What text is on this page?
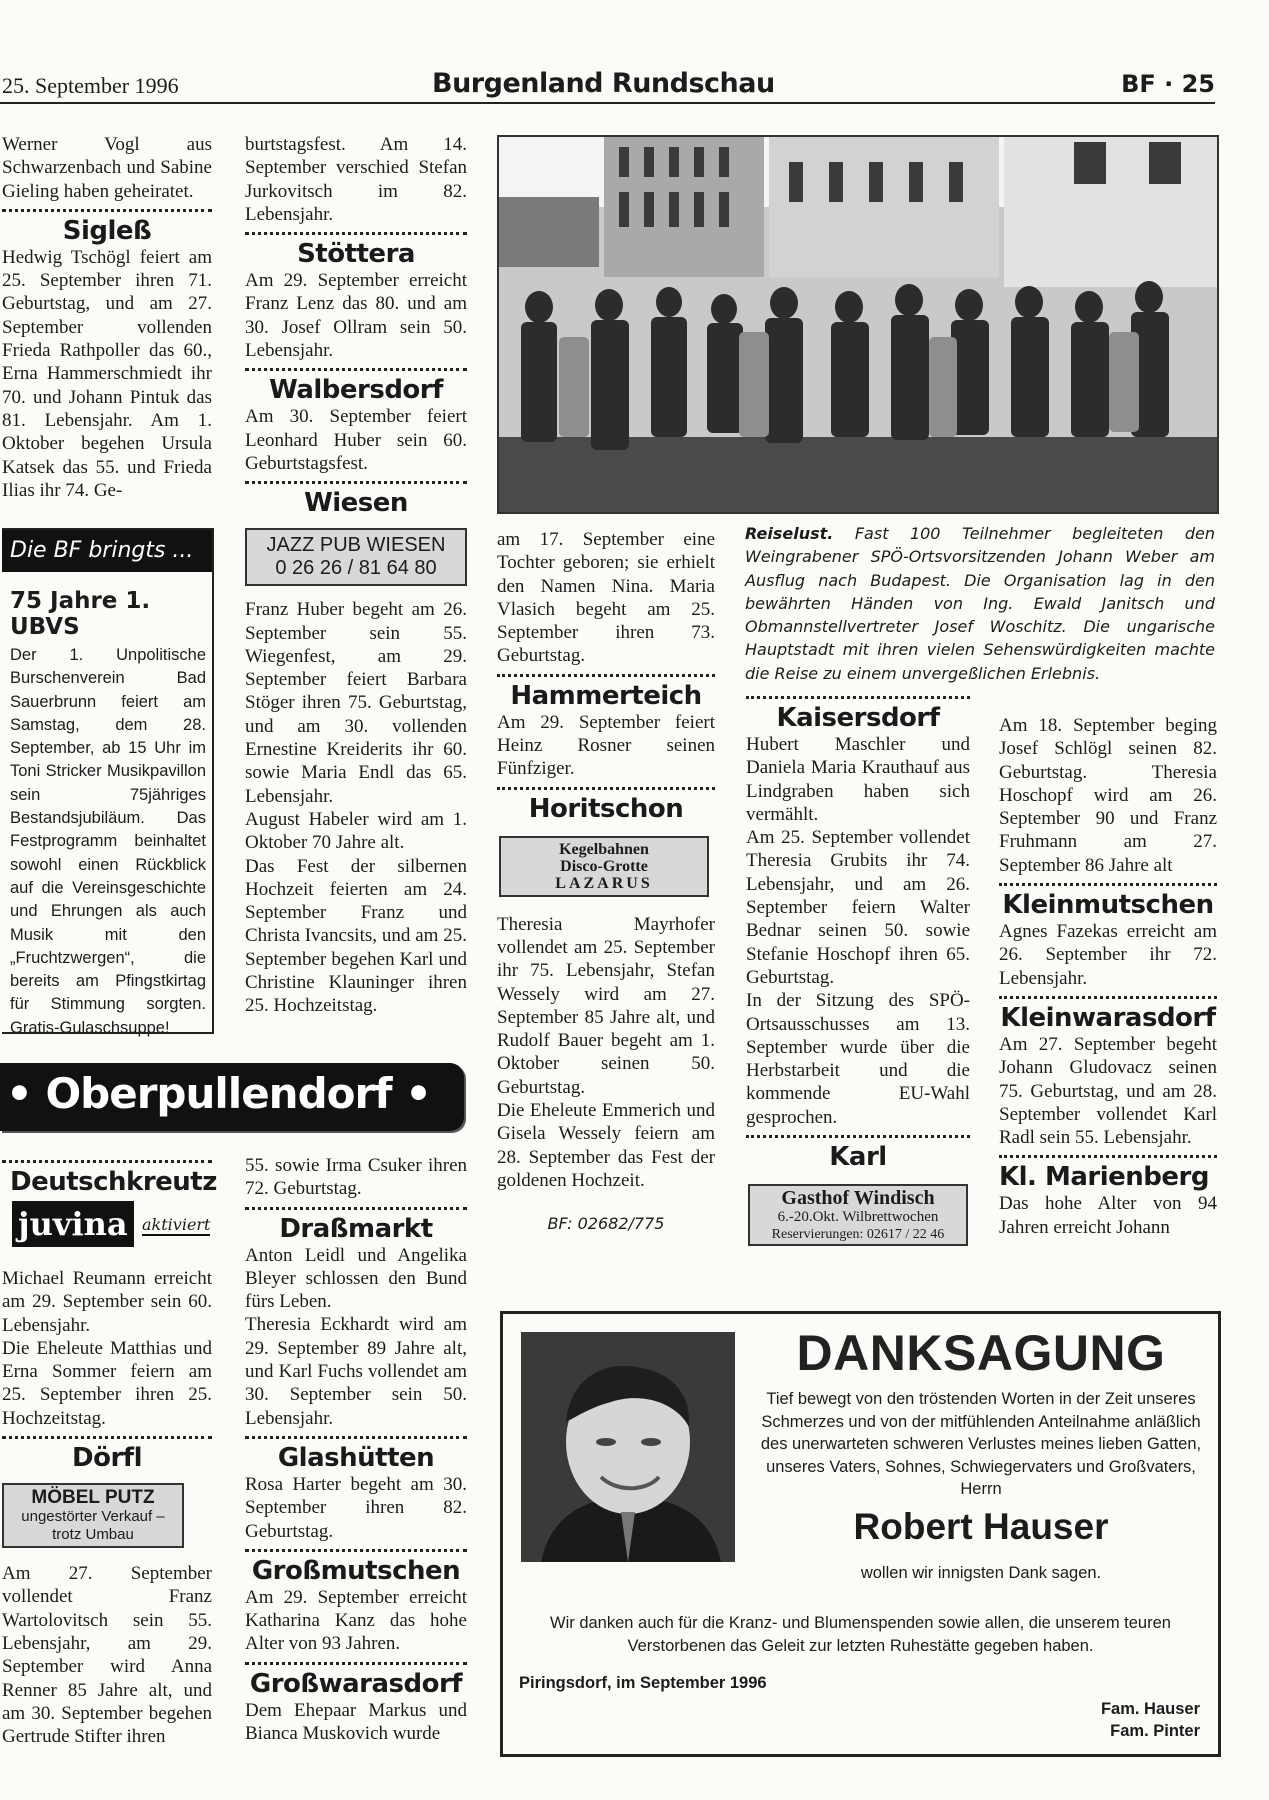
25. September 1996	Burgenland Rundschau	BF · 25

Werner Vogl aus Schwarzenbach und Sabine Gieling haben geheiratet.

Sigleß

Hedwig Tschögl feiert am 25. September ihren 71. Geburtstag, und am 27. September vollenden Frieda Rathpoller das 60., Erna Hammerschmiedt ihr 70. und Johann Pintuk das 81. Lebensjahr. Am 1. Oktober begehen Ursula Katsek das 55. und Frieda Ilias ihr 74. Ge-

Die BF bringts ...
75 Jahre 1. UBVS

Der 1. Unpolitische Burschenverein Bad Sauerbrunn feiert am Samstag, dem 28. September, ab 15 Uhr im Toni Stricker Musikpavillon sein 75jähriges Bestandsjubiläum. Das Festprogramm beinhaltet sowohl einen Rückblick auf die Vereinsgeschichte und Ehrungen als auch Musik mit den „Fruchtzwergen“, die bereits am Pfingstkirtag für Stimmung sorgten. Gratis-Gulaschsuppe!

burtstagsfest. Am 14. September verschied Stefan Jurkovitsch im 82. Lebensjahr.

Stöttera

Am 29. September erreicht Franz Lenz das 80. und am 30. Josef Ollram sein 50. Lebensjahr.

Walbersdorf

Am 30. September feiert Leonhard Huber sein 60. Geburtstagsfest.

Wiesen
JAZZ PUB WIESEN
0 26 26 / 81 64 80

Franz Huber begeht am 26. September sein 55. Wiegenfest, am 29. September feiert Barbara Stöger ihren 75. Geburtstag, und am 30. vollenden Ernestine Kreiderits ihr 60. sowie Maria Endl das 65. Lebensjahr.

August Habeler wird am 1. Oktober 70 Jahre alt.

Das Fest der silbernen Hochzeit feierten am 24. September Franz und Christa Ivancsits, und am 25. September begehen Karl und Christine Klauninger ihren 25. Hochzeitstag.

Reiselust. Fast 100 Teilnehmer begleiteten den Weingrabener SPÖ-Ortsvorsitzenden Johann Weber am Ausflug nach Budapest. Die Organisation lag in den bewährten Händen von Ing. Ewald Janitsch und Obmannstellvertreter Josef Woschitz. Die ungarische Hauptstadt mit ihren vielen Sehenswürdigkeiten machte die Reise zu einem unvergeßlichen Erlebnis.

am 17. September eine Tochter geboren; sie erhielt den Namen Nina. Maria Vlasich begeht am 25. September ihren 73. Geburtstag.

Hammerteich

Am 29. September feiert Heinz Rosner seinen Fünfziger.

Horitschon
Kegelbahnen
Disco-Grotte
LAZARUS

Theresia Mayrhofer vollendet am 25. September ihr 75. Lebensjahr, Stefan Wessely wird am 27. September 85 Jahre alt, und Rudolf Bauer begeht am 1. Oktober seinen 50. Geburtstag.

Die Eheleute Emmerich und Gisela Wessely feiern am 28. September das Fest der goldenen Hochzeit.

BF: 02682/775
Kaisersdorf

Hubert Maschler und Daniela Maria Krauthauf aus Lindgraben haben sich vermählt.

Am 25. September vollendet Theresia Grubits ihr 74. Lebensjahr, und am 26. September feiern Walter Bednar seinen 50. sowie Stefanie Hoschopf ihren 65. Geburtstag.

In der Sitzung des SPÖ-Ortsausschusses am 13. September wurde über die Herbstarbeit und die kommende EU-Wahl gesprochen.

Karl
Gasthof Windisch
6.-20.Okt. Wilbrettwochen
Reservierungen: 02617 / 22 46

Am 18. September beging Josef Schlögl seinen 82. Geburtstag. Theresia Hoschopf wird am 26. September 90 und Franz Fruhmann am 27. September 86 Jahre alt

Kleinmutschen

Agnes Fazekas erreicht am 26. September ihr 72. Lebensjahr.

Kleinwarasdorf

Am 27. September begeht Johann Gludovacz seinen 75. Geburtstag, und am 28. September vollendet Karl Radl sein 55. Lebensjahr.

Kl. Marienberg

Das hohe Alter von 94 Jahren erreicht Johann

• Oberpullendorf •
Deutschkreutz
juvina aktiviert

Michael Reumann erreicht am 29. September sein 60. Lebensjahr.

Die Eheleute Matthias und Erna Sommer feiern am 25. September ihren 25. Hochzeitstag.

Dörfl
MÖBEL PUTZ
ungestörter Verkauf –
trotz Umbau

Am 27. September vollendet Franz Wartolovitsch sein 55. Lebensjahr, am 29. September wird Anna Renner 85 Jahre alt, und am 30. September begehen Gertrude Stifter ihren

55. sowie Irma Csuker ihren 72. Geburtstag.

Draßmarkt

Anton Leidl und Angelika Bleyer schlossen den Bund fürs Leben.

Theresia Eckhardt wird am 29. September 89 Jahre alt, und Karl Fuchs vollendet am 30. September sein 50. Lebensjahr.

Glashütten

Rosa Harter begeht am 30. September ihren 82. Geburtstag.

Großmutschen

Am 29. September erreicht Katharina Kanz das hohe Alter von 93 Jahren.

Großwarasdorf

Dem Ehepaar Markus und Bianca Muskovich wurde

DANKSAGUNG
Tief bewegt von den tröstenden Worten in der Zeit unseres Schmerzes und von der mitfühlenden Anteilnahme anläßlich des unerwarteten schweren Verlustes meines lieben Gatten, unseres Vaters, Sohnes, Schwiegervaters und Großvaters, Herrn
Robert Hauser
wollen wir innigsten Dank sagen.
Wir danken auch für die Kranz- und Blumenspenden sowie allen, die unserem teuren Verstorbenen das Geleit zur letzten Ruhestätte gegeben haben.
Piringsdorf, im September 1996
Fam. Hauser
Fam. Pinter
